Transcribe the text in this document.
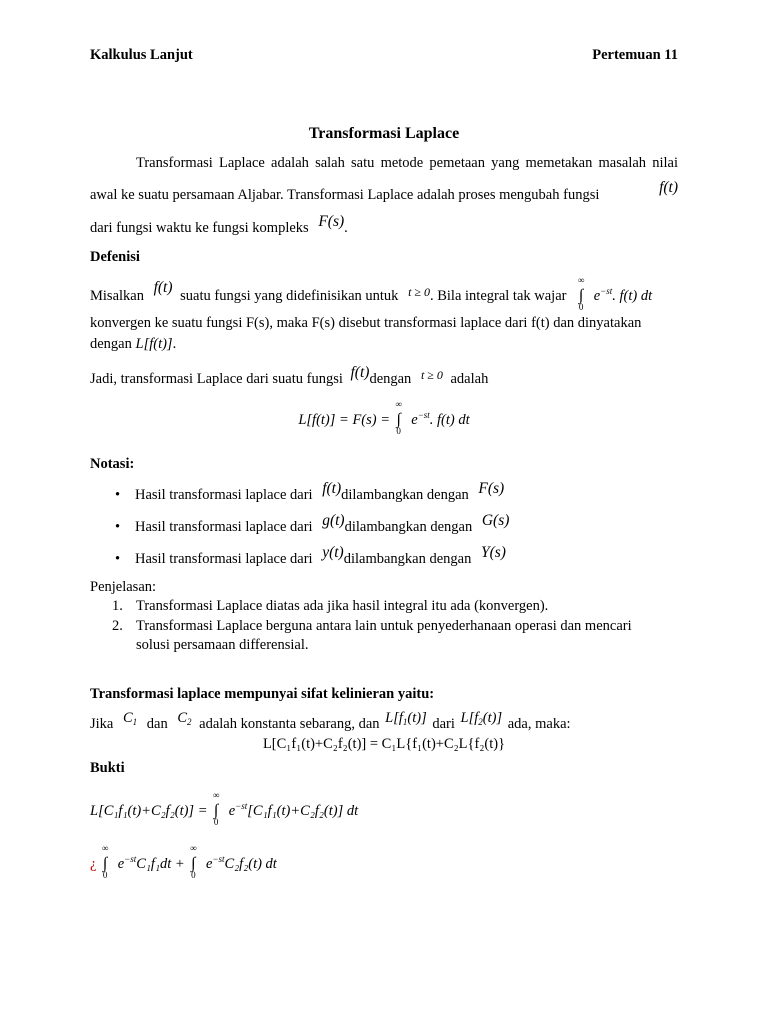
Kalkulus Lanjut	Pertemuan 11
Transformasi Laplace
Transformasi Laplace adalah salah satu metode pemetaan yang memetakan masalah nilai
awal ke suatu persamaan Aljabar. Transformasi Laplace adalah proses mengubah fungsi	f(t)
dari fungsi waktu ke fungsi kompleks F(s).
Defenisi
Misalkan f(t) suatu fungsi yang didefinisikan untuk $^{t \ge 0}$. Bila integral tak wajar
∞
∫
0
$e^{-st}$. f(t) dt
konvergen ke suatu fungsi F(s), maka F(s) disebut transformasi laplace dari f(t) dan dinyatakan
dengan L[f(t)].
Jadi, transformasi Laplace dari suatu fungsi f(t)dengan $^{t \ge 0}$ adalah
L[f(t)] = F(s) =
∞
∫
0
$e^{-st}$. f(t) dt
Notasi:
• Hasil transformasi laplace dari f(t)dilambangkan dengan F(s)
• Hasil transformasi laplace dari g(t)dilambangkan dengan G(s)
• Hasil transformasi laplace dari y(t)dilambangkan dengan Y(s)
Penjelasan:
1. Transformasi Laplace diatas ada jika hasil integral itu ada (konvergen).
2. Transformasi Laplace berguna antara lain untuk penyederhanaan operasi dan mencari
solusi persamaan differensial.
Transformasi laplace mempunyai sifat kelinieran yaitu:
Jika $C_1$ dan $C_2$ adalah konstanta sebarang, dan $L[f_1(t)]$ dari $L[f_2(t)]$ ada, maka:
L[C₁f₁(t)+C₂f₂(t)] = C₁L{f₁(t)+C₂L{f₂(t)}
Bukti
L[C₁f₁(t)+C₂f₂(t)] =
∞
∫
0
$e^{-st}[C_1f_1(t)+C_2f_2(t)]$ dt
¿
∞
∫
0
$e^{-st}C_1f_1dt$ +
∞
∫
0
$e^{-st}C_2f_2(t)$ dt
